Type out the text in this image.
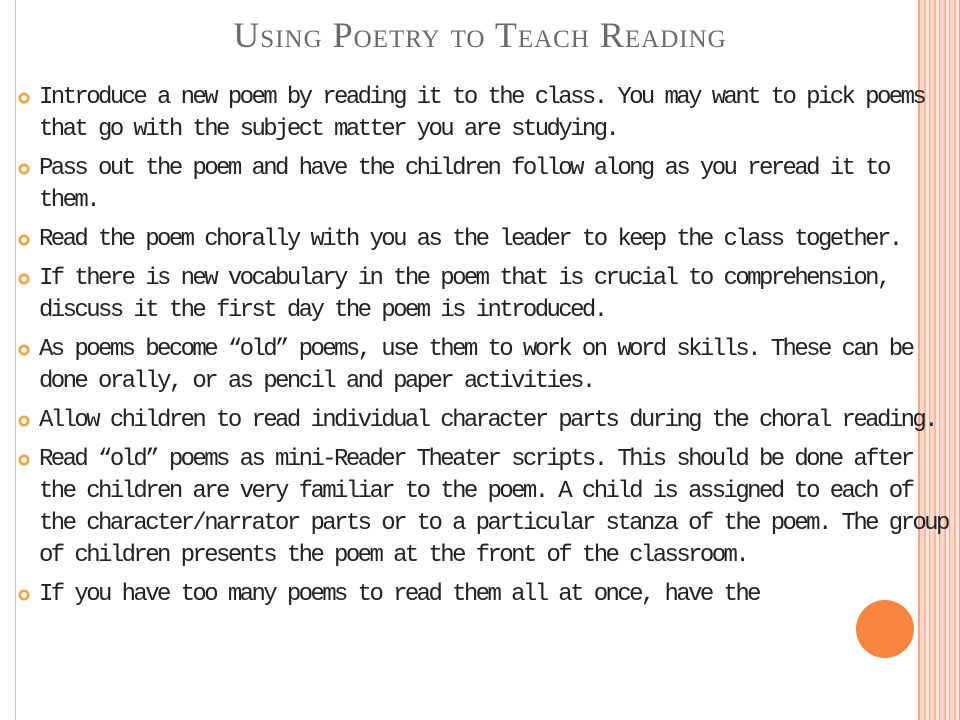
Using Poetry to Teach Reading
Introduce a new poem by reading it to the class. You may want to pick poems that go with the subject matter you are studying.
Pass out the poem and have the children follow along as you reread it to them.
Read the poem chorally with you as the leader to keep the class together.
If there is new vocabulary in the poem that is crucial to comprehension, discuss it the first day the poem is introduced.
As poems become “old” poems, use them to work on word skills. These can be done orally, or as pencil and paper activities.
Allow children to read individual character parts during the choral reading.
Read “old” poems as mini-Reader Theater scripts. This should be done after the children are very familiar to the poem. A child is assigned to each of the character/narrator parts or to a particular stanza of the poem. The group of children presents the poem at the front of the classroom.
If you have too many poems to read them all at once, have the
